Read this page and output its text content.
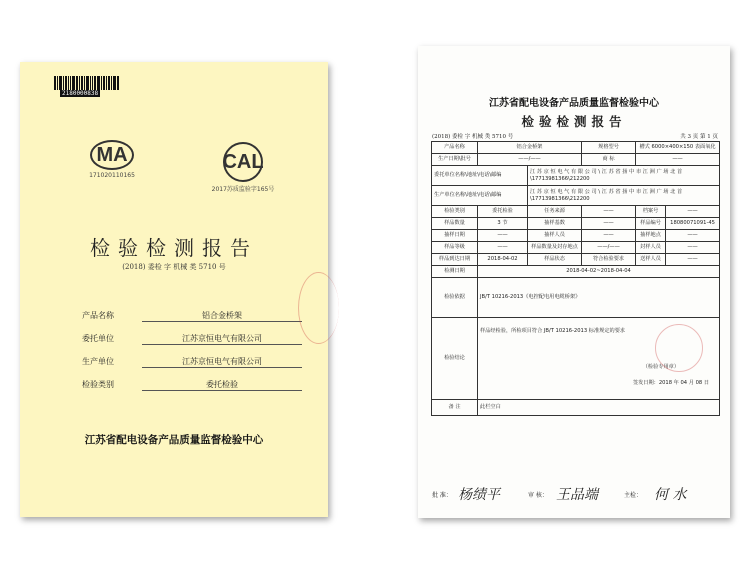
2180000838
MA
171020110165
CAL
2017苏质监验字165号
检验检测报告
(2018) 委检 字 机械 类 5710 号
产品名称	铝合金桥架
委托单位	江苏京恒电气有限公司
生产单位	江苏京恒电气有限公司
检验类别	委托检验
江苏省配电设备产品质量监督检验中心
江苏省配电设备产品质量监督检验中心
检验检测报告
(2018) 委检 字 机械 类 5710 号	共 3 页 第 1 页
产品名称	铝合金桥架		规格型号	槽式 6000×400×150 表面氧化	
生产日期\批号	——/——		商 标	——	
委托单位名称\地址\电话\邮编		江 苏 京 恒 电 气 有 限 公 司 \ 江 苏 省 扬 中 市 江 洲 广 场 北 首 \17713981366\212200			
生产单位名称\地址\电话\邮编		江 苏 京 恒 电 气 有 限 公 司 \ 江 苏 省 扬 中 市 江 洲 广 场 北 首 \17713981366\212200			
检验类别	委托检验	任务来源	——	档案号	——
样品数量	3 节	抽样基数	——	样品编号	18080071091-45
抽样日期	——	抽样人员	——	抽样地点	——
样品等级	——	样品数量及封存地点	——/——	封样人员	——
样品到达日期	2018-04-02	样品状态	符合检验要求	送样人员	——
检测日期	2018-04-02~2018-04-04				
检验依据	JB/T 10216-2013《电控配电用电缆桥架》				
检验结论	样品经检验，所检项目符合 JB/T 10216-2013 标准规定的要求
（检验专用章）
签发日期：2018 年 04 月 08 日				

备 注	此栏空白				
批 准： 杨绩平	审 核： 王品端	主检： 何 水
